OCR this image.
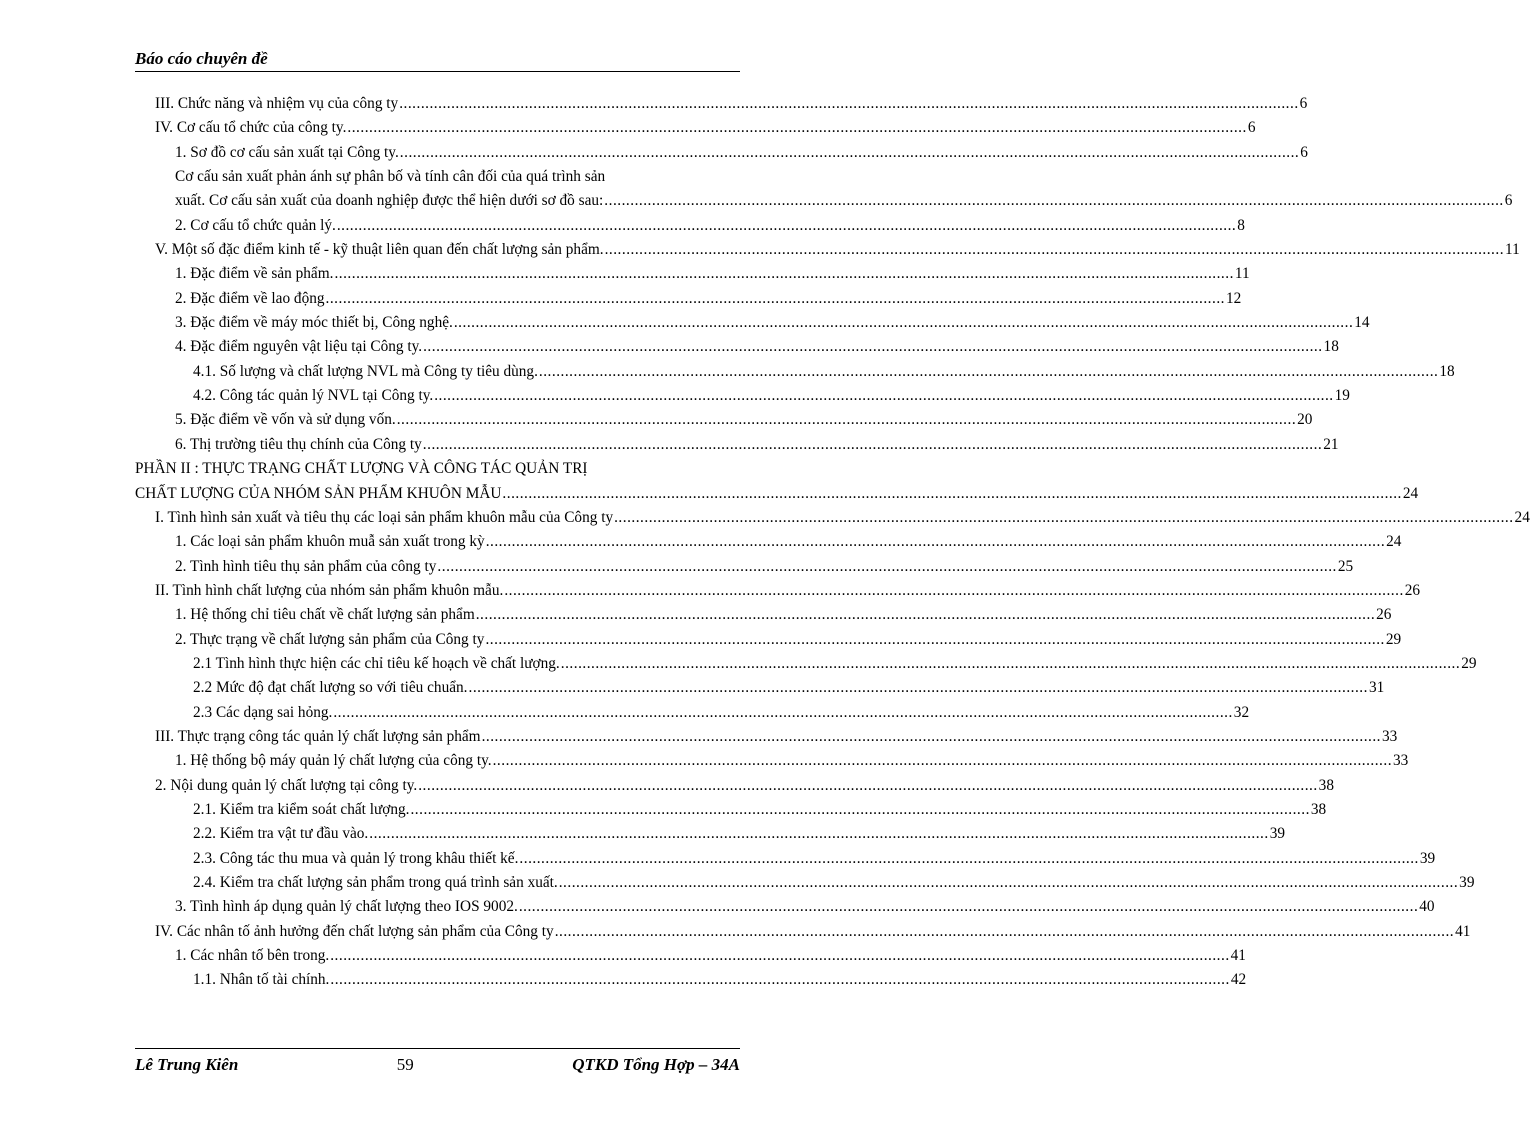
Báo cáo chuyên đề
III. Chức năng và nhiệm vụ của công ty .....	6
IV. Cơ cấu tổ chức của công ty. .....	6
1. Sơ đồ cơ cấu sản xuất tại Công ty. .....	6
Cơ cấu sản xuất phản ánh sự phân bố và tính cân đối của quá trình sản
xuất. Cơ cấu sản xuất của doanh nghiệp được thể hiện dưới sơ đồ sau: .....	6
2. Cơ cấu tổ chức quản lý. .....	8
V. Một số đặc điểm kinh tế - kỹ thuật liên quan đến chất lượng sản phẩm. .....	11
1. Đặc điểm về sản phẩm. .....	11
2. Đặc điểm về lao động .....	12
3. Đặc điểm về máy móc thiết bị, Công nghệ. .....	14
4. Đặc điểm nguyên vật liệu tại Công ty. .....	18
4.1. Số lượng và chất lượng NVL mà Công ty tiêu dùng. .....	18
4.2. Công tác quản lý NVL tại Công ty. .....	19
5. Đặc điểm về vốn và sử dụng vốn. .....	20
6. Thị trường tiêu thụ chính của Công ty .....	21
PHẦN II : THỰC TRẠNG CHẤT LƯỢNG VÀ CÔNG TÁC QUẢN TRỊ
CHẤT LƯỢNG CỦA NHÓM SẢN PHẨM KHUÔN MẪU .....	24
I. Tình hình sản xuất và tiêu thụ các loại sản phẩm khuôn mẫu của Công ty .....	24
1. Các loại sản phẩm khuôn muẫ sản xuất trong kỳ .....	24
2. Tình hình tiêu thụ sản phẩm của công ty .....	25
II. Tình hình chất lượng của nhóm sản phẩm khuôn mẫu. .....	26
1. Hệ thống chỉ tiêu chất về chất lượng sản phẩm .....	26
2. Thực trạng về chất lượng sản phẩm của Công ty .....	29
2.1 Tình hình thực hiện các chỉ tiêu kế hoạch về chất lượng. .....	29
2.2 Mức độ đạt chất lượng so với tiêu chuẩn. .....	31
2.3 Các dạng sai hỏng. .....	32
III. Thực trạng công tác quản lý chất lượng sản phẩm .....	33
1. Hệ thống bộ máy quản lý chất lượng của công ty. .....	33
2. Nội dung quản lý chất lượng tại công ty. .....	38
2.1. Kiểm tra kiểm soát chất lượng. .....	38
2.2. Kiểm tra vật tư đầu vào. .....	39
2.3. Công tác thu mua và quản lý trong khâu thiết kế. .....	39
2.4. Kiểm tra chất lượng sản phẩm trong quá trình sản xuất. .....	39
3. Tình hình áp dụng quản lý chất lượng theo IOS 9002. .....	40
IV. Các nhân tố ảnh hưởng đến chất lượng sản phẩm của Công ty .....	41
1. Các nhân tố bên trong. .....	41
1.1. Nhân tố tài chính. .....	42
Lê Trung Kiên	59	QTKD Tổng Hợp – 34A
